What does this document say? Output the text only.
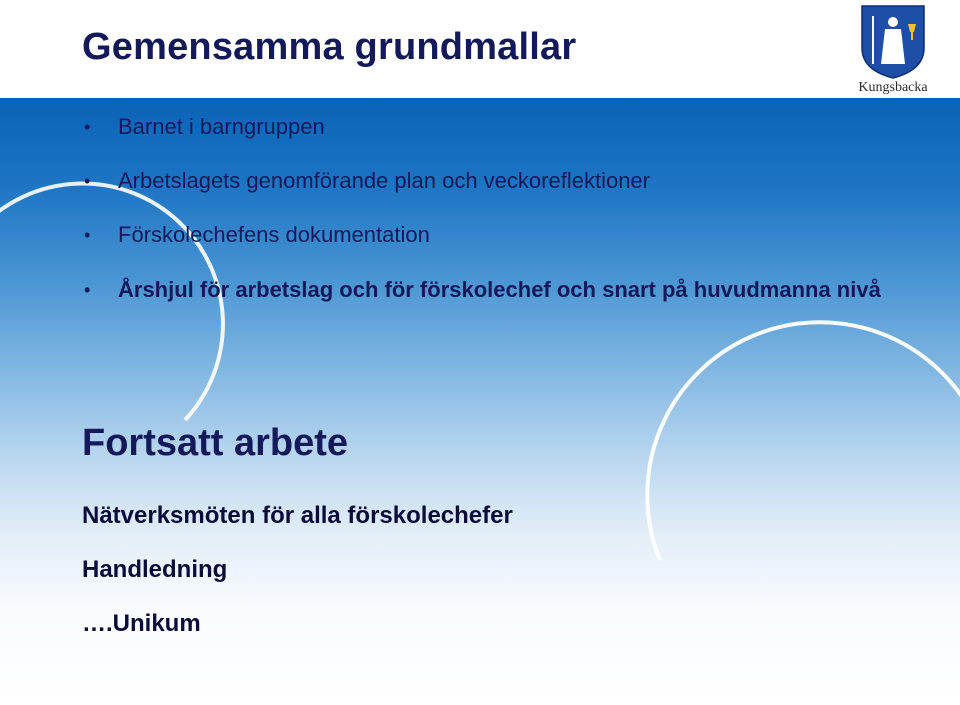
Gemensamma grundmallar
Kungsbacka
• Barnet i barngruppen
• Arbetslagets genomförande plan och veckoreflektioner
• Förskolechefens dokumentation
• Årshjul för arbetslag och för förskolechef och snart på huvudmanna nivå
Fortsatt arbete

Nätverksmöten för alla förskolechefer

Handledning

….Unikum
